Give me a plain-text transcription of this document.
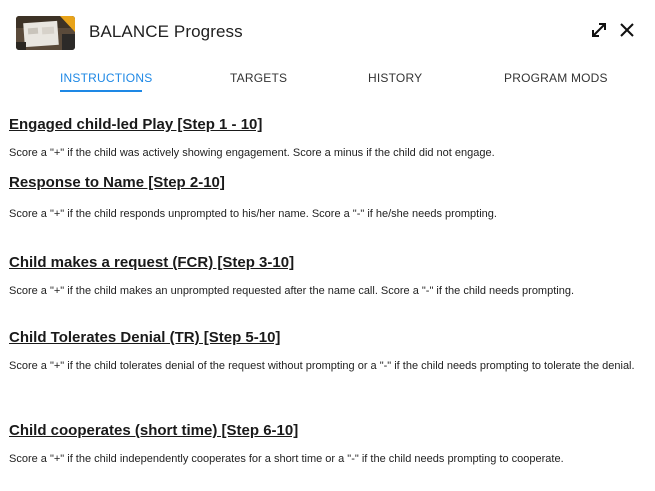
BALANCE Progress
INSTRUCTIONS	TARGETS	HISTORY	PROGRAM MODS
Engaged child-led Play [Step 1 - 10]
Score a "+" if the child was actively showing engagement. Score a minus if the child did not engage.
Response to Name [Step 2-10]
Score a "+" if the child responds unprompted to his/her name. Score a "-" if he/she needs prompting.
Child makes a request (FCR) [Step 3-10]
Score a "+" if the child makes an unprompted requested after the name call. Score a "-" if the child needs prompting.
Child Tolerates Denial (TR) [Step 5-10]
Score a "+" if the child tolerates denial of the request without prompting or a "-" if the child needs prompting to tolerate the denial.
Child cooperates (short time) [Step 6-10]
Score a "+" if the child independently cooperates for a short time or a "-" if the child needs prompting to cooperate.
